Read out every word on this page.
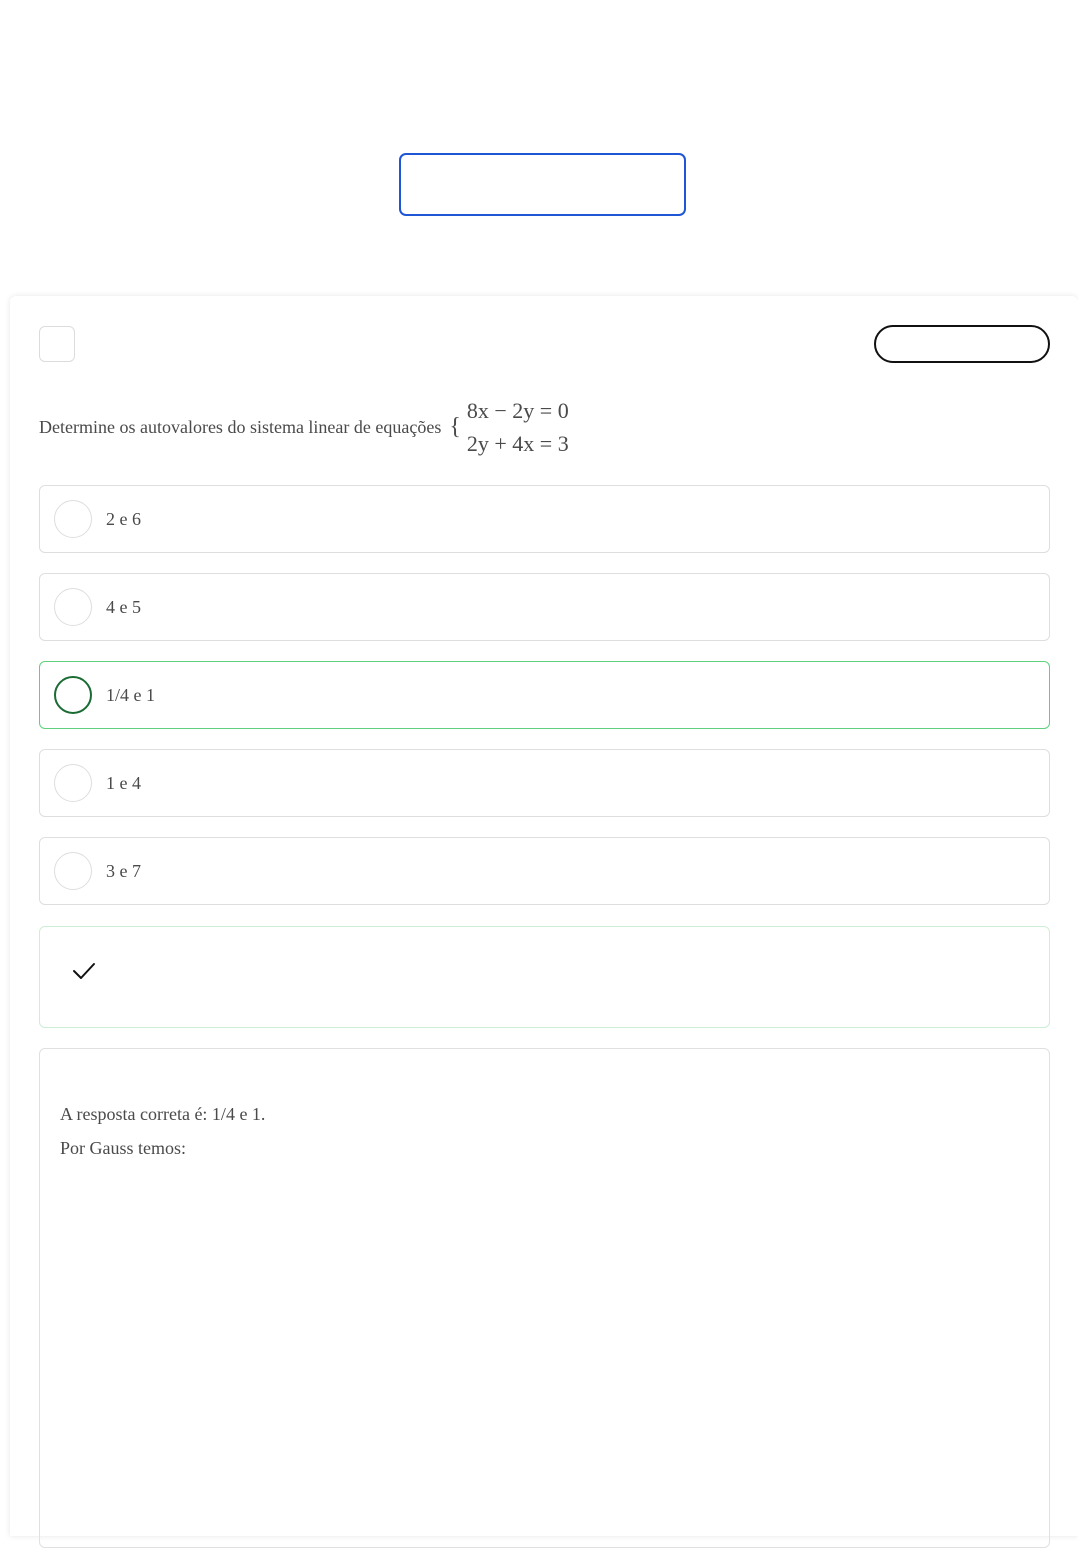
Determine os autovalores do sistema linear de equações {
8x − 2y = 0
2y + 4x = 3
2 e 6
4 e 5
1/4 e 1
1 e 4
3 e 7
A resposta correta é: 1/4 e 1.
Por Gauss temos:
